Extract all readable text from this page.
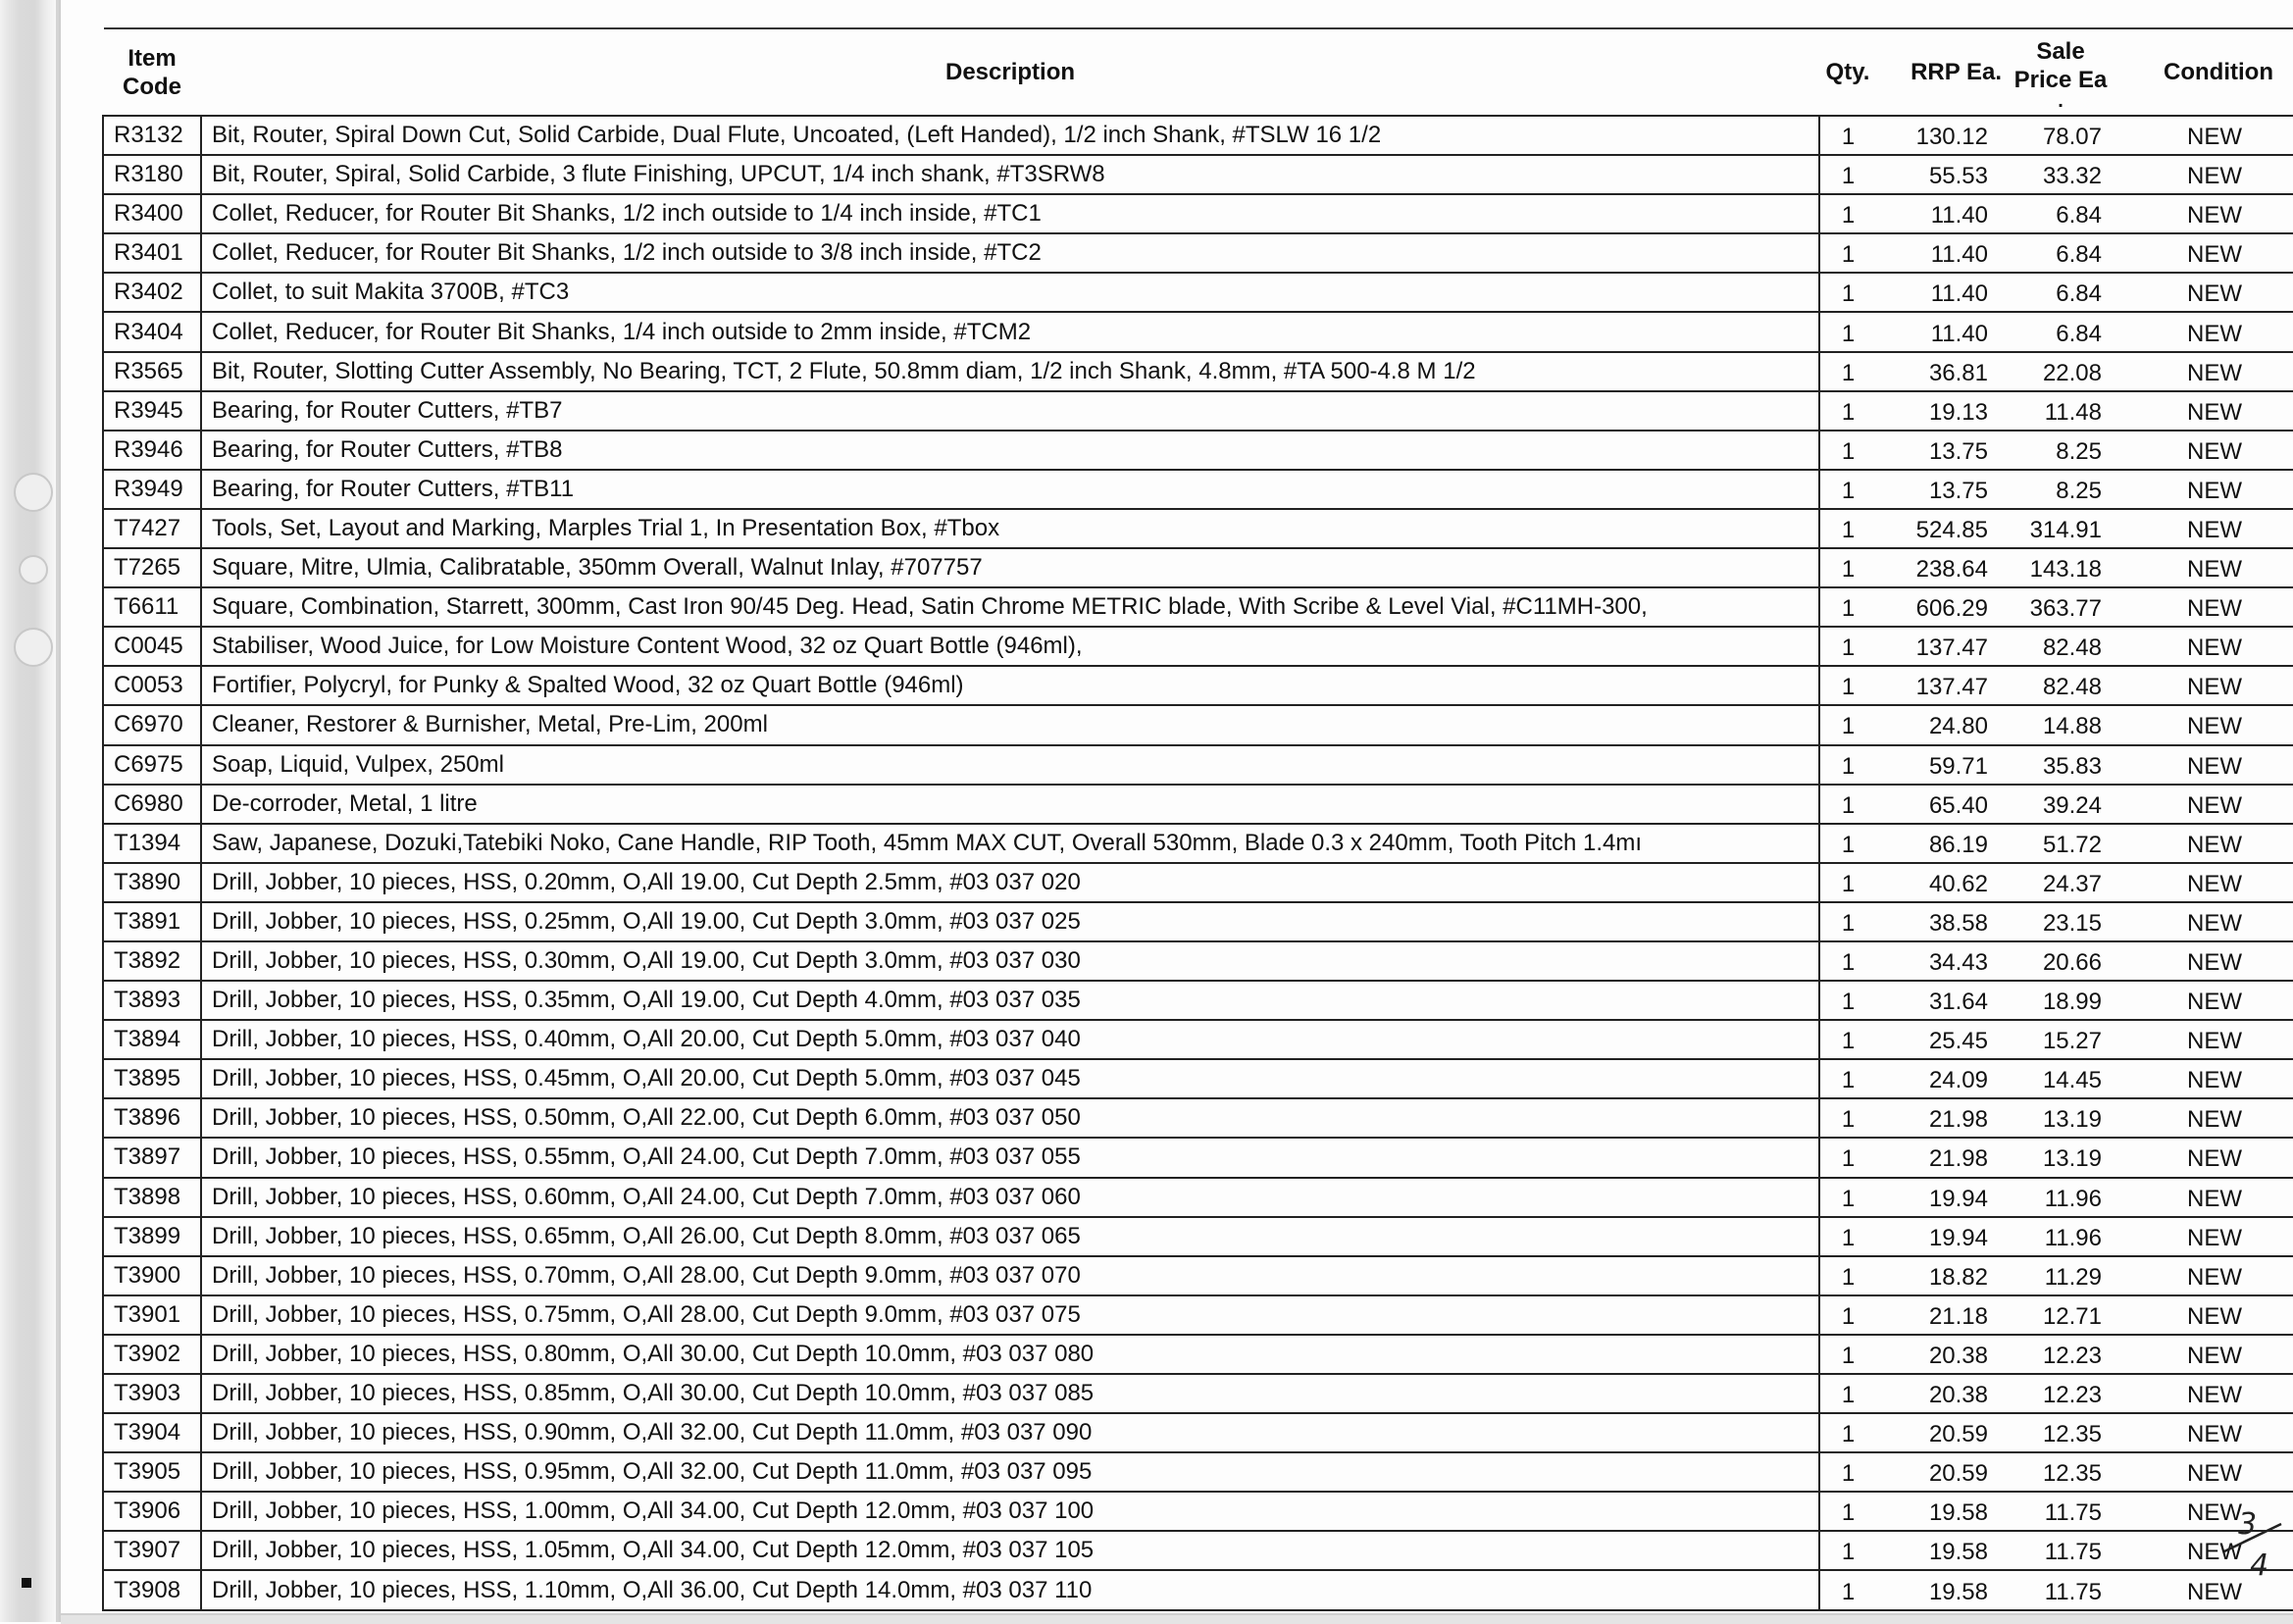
Item Code	Description	Qty.	RRP Ea.	Sale
Price Ea
.	Condition
R3132	Bit, Router, Spiral Down Cut, Solid Carbide, Dual Flute, Uncoated, (Left Handed), 1/2 inch Shank, #TSLW 16 1/2	1	130.12	78.07	NEW
R3180	Bit, Router, Spiral, Solid Carbide, 3 flute Finishing, UPCUT, 1/4 inch shank, #T3SRW8	1	55.53	33.32	NEW
R3400	Collet, Reducer, for Router Bit Shanks, 1/2 inch outside to 1/4 inch inside, #TC1	1	11.40	6.84	NEW
R3401	Collet, Reducer, for Router Bit Shanks, 1/2 inch outside to 3/8 inch inside, #TC2	1	11.40	6.84	NEW
R3402	Collet, to suit Makita 3700B, #TC3	1	11.40	6.84	NEW
R3404	Collet, Reducer, for Router Bit Shanks, 1/4 inch outside to 2mm inside, #TCM2	1	11.40	6.84	NEW
R3565	Bit, Router, Slotting Cutter Assembly, No Bearing, TCT, 2 Flute, 50.8mm diam, 1/2 inch Shank, 4.8mm, #TA 500-4.8 M 1/2	1	36.81	22.08	NEW
R3945	Bearing, for Router Cutters, #TB7	1	19.13	11.48	NEW
R3946	Bearing, for Router Cutters, #TB8	1	13.75	8.25	NEW
R3949	Bearing, for Router Cutters, #TB11	1	13.75	8.25	NEW
T7427	Tools, Set, Layout and Marking, Marples Trial 1, In Presentation Box, #Tbox	1	524.85	314.91	NEW
T7265	Square, Mitre, Ulmia, Calibratable, 350mm Overall, Walnut Inlay, #707757	1	238.64	143.18	NEW
T6611	Square, Combination, Starrett, 300mm, Cast Iron 90/45 Deg. Head, Satin Chrome METRIC blade, With Scribe & Level Vial, #C11MH-300,	1	606.29	363.77	NEW
C0045	Stabiliser, Wood Juice, for Low Moisture Content Wood, 32 oz Quart Bottle (946ml),	1	137.47	82.48	NEW
C0053	Fortifier, Polycryl, for Punky & Spalted Wood, 32 oz Quart Bottle (946ml)	1	137.47	82.48	NEW
C6970	Cleaner, Restorer & Burnisher, Metal, Pre-Lim, 200ml	1	24.80	14.88	NEW
C6975	Soap, Liquid, Vulpex, 250ml	1	59.71	35.83	NEW
C6980	De-corroder, Metal, 1 litre	1	65.40	39.24	NEW
T1394	Saw, Japanese, Dozuki,Tatebiki Noko, Cane Handle, RIP Tooth, 45mm MAX CUT, Overall 530mm, Blade 0.3 x 240mm, Tooth Pitch 1.4mı	1	86.19	51.72	NEW
T3890	Drill, Jobber, 10 pieces, HSS, 0.20mm, O,All 19.00, Cut Depth 2.5mm, #03 037 020	1	40.62	24.37	NEW
T3891	Drill, Jobber, 10 pieces, HSS, 0.25mm, O,All 19.00, Cut Depth 3.0mm, #03 037 025	1	38.58	23.15	NEW
T3892	Drill, Jobber, 10 pieces, HSS, 0.30mm, O,All 19.00, Cut Depth 3.0mm, #03 037 030	1	34.43	20.66	NEW
T3893	Drill, Jobber, 10 pieces, HSS, 0.35mm, O,All 19.00, Cut Depth 4.0mm, #03 037 035	1	31.64	18.99	NEW
T3894	Drill, Jobber, 10 pieces, HSS, 0.40mm, O,All 20.00, Cut Depth 5.0mm, #03 037 040	1	25.45	15.27	NEW
T3895	Drill, Jobber, 10 pieces, HSS, 0.45mm, O,All 20.00, Cut Depth 5.0mm, #03 037 045	1	24.09	14.45	NEW
T3896	Drill, Jobber, 10 pieces, HSS, 0.50mm, O,All 22.00, Cut Depth 6.0mm, #03 037 050	1	21.98	13.19	NEW
T3897	Drill, Jobber, 10 pieces, HSS, 0.55mm, O,All 24.00, Cut Depth 7.0mm, #03 037 055	1	21.98	13.19	NEW
T3898	Drill, Jobber, 10 pieces, HSS, 0.60mm, O,All 24.00, Cut Depth 7.0mm, #03 037 060	1	19.94	11.96	NEW
T3899	Drill, Jobber, 10 pieces, HSS, 0.65mm, O,All 26.00, Cut Depth 8.0mm, #03 037 065	1	19.94	11.96	NEW
T3900	Drill, Jobber, 10 pieces, HSS, 0.70mm, O,All 28.00, Cut Depth 9.0mm, #03 037 070	1	18.82	11.29	NEW
T3901	Drill, Jobber, 10 pieces, HSS, 0.75mm, O,All 28.00, Cut Depth 9.0mm, #03 037 075	1	21.18	12.71	NEW
T3902	Drill, Jobber, 10 pieces, HSS, 0.80mm, O,All 30.00, Cut Depth 10.0mm, #03 037 080	1	20.38	12.23	NEW
T3903	Drill, Jobber, 10 pieces, HSS, 0.85mm, O,All 30.00, Cut Depth 10.0mm, #03 037 085	1	20.38	12.23	NEW
T3904	Drill, Jobber, 10 pieces, HSS, 0.90mm, O,All 32.00, Cut Depth 11.0mm, #03 037 090	1	20.59	12.35	NEW
T3905	Drill, Jobber, 10 pieces, HSS, 0.95mm, O,All 32.00, Cut Depth 11.0mm, #03 037 095	1	20.59	12.35	NEW
T3906	Drill, Jobber, 10 pieces, HSS, 1.00mm, O,All 34.00, Cut Depth 12.0mm, #03 037 100	1	19.58	11.75	NEW
T3907	Drill, Jobber, 10 pieces, HSS, 1.05mm, O,All 34.00, Cut Depth 12.0mm, #03 037 105	1	19.58	11.75	NEW
T3908	Drill, Jobber, 10 pieces, HSS, 1.10mm, O,All 36.00, Cut Depth 14.0mm, #03 037 110	1	19.58	11.75	NEW
3
4
